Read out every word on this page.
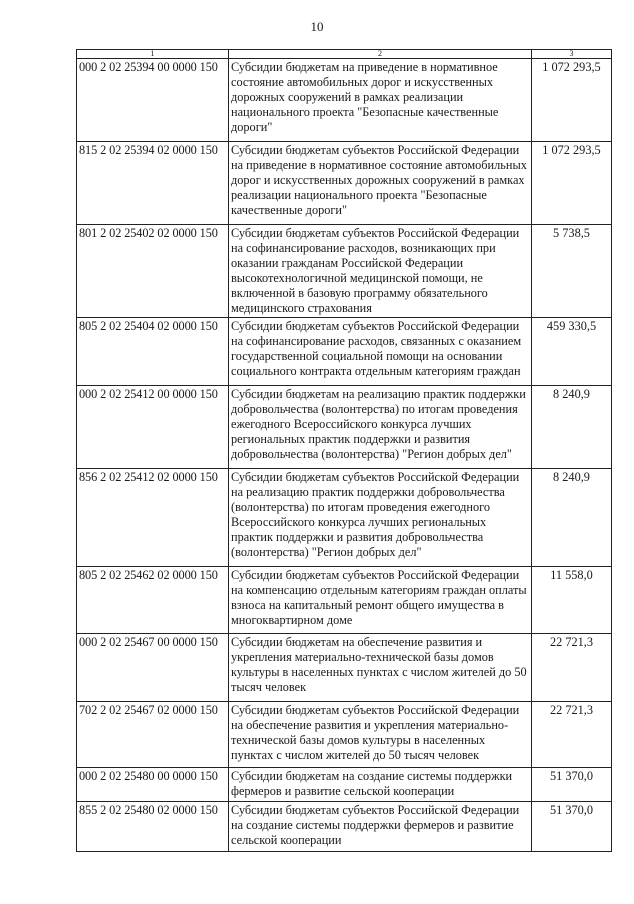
10
1	2	3
000 2 02 25394 00 0000 150	Субсидии бюджетам на приведение в нормативное состояние автомобильных дорог и искусственных дорожных сооружений в рамках реализации национального проекта "Безопасные качественные дороги"	1 072 293,5
815 2 02 25394 02 0000 150	Субсидии бюджетам субъектов Российской Федерации на приведение в нормативное состояние автомобильных дорог и искусственных дорожных сооружений в рамках реализации национального проекта "Безопасные качественные дороги"	1 072 293,5
801 2 02 25402 02 0000 150	Субсидии бюджетам субъектов Российской Федерации на софинансирование расходов, возникающих при оказании гражданам Российской Федерации высокотехнологичной медицинской помощи, не включенной в базовую программу обязательного медицинского страхования	5 738,5
805 2 02 25404 02 0000 150	Субсидии бюджетам субъектов Российской Федерации на софинансирование расходов, связанных с оказанием государственной социальной помощи на основании социального контракта отдельным категориям граждан	459 330,5
000 2 02 25412 00 0000 150	Субсидии бюджетам на реализацию практик поддержки добровольчества (волонтерства) по итогам проведения ежегодного Всероссийского конкурса лучших региональных практик поддержки и развития добровольчества (волонтерства) "Регион добрых дел"	8 240,9
856 2 02 25412 02 0000 150	Субсидии бюджетам субъектов Российской Федерации на реализацию практик поддержки добровольчества (волонтерства) по итогам проведения ежегодного Всероссийского конкурса лучших региональных практик поддержки и развития добровольчества (волонтерства) "Регион добрых дел"	8 240,9
805 2 02 25462 02 0000 150	Субсидии бюджетам субъектов Российской Федерации на компенсацию отдельным категориям граждан оплаты взноса на капитальный ремонт общего имущества в многоквартирном доме	11 558,0
000 2 02 25467 00 0000 150	Субсидии бюджетам на обеспечение развития и укрепления материально-технической базы домов культуры в населенных пунктах с числом жителей до 50 тысяч человек	22 721,3
702 2 02 25467 02 0000 150	Субсидии бюджетам субъектов Российской Федерации на обеспечение развития и укрепления материально-технической базы домов культуры в населенных пунктах с числом жителей до 50 тысяч человек	22 721,3
000 2 02 25480 00 0000 150	Субсидии бюджетам на создание системы поддержки фермеров и развитие сельской кооперации	51 370,0
855 2 02 25480 02 0000 150	Субсидии бюджетам субъектов Российской Федерации на создание системы поддержки фермеров и развитие сельской кооперации	51 370,0
